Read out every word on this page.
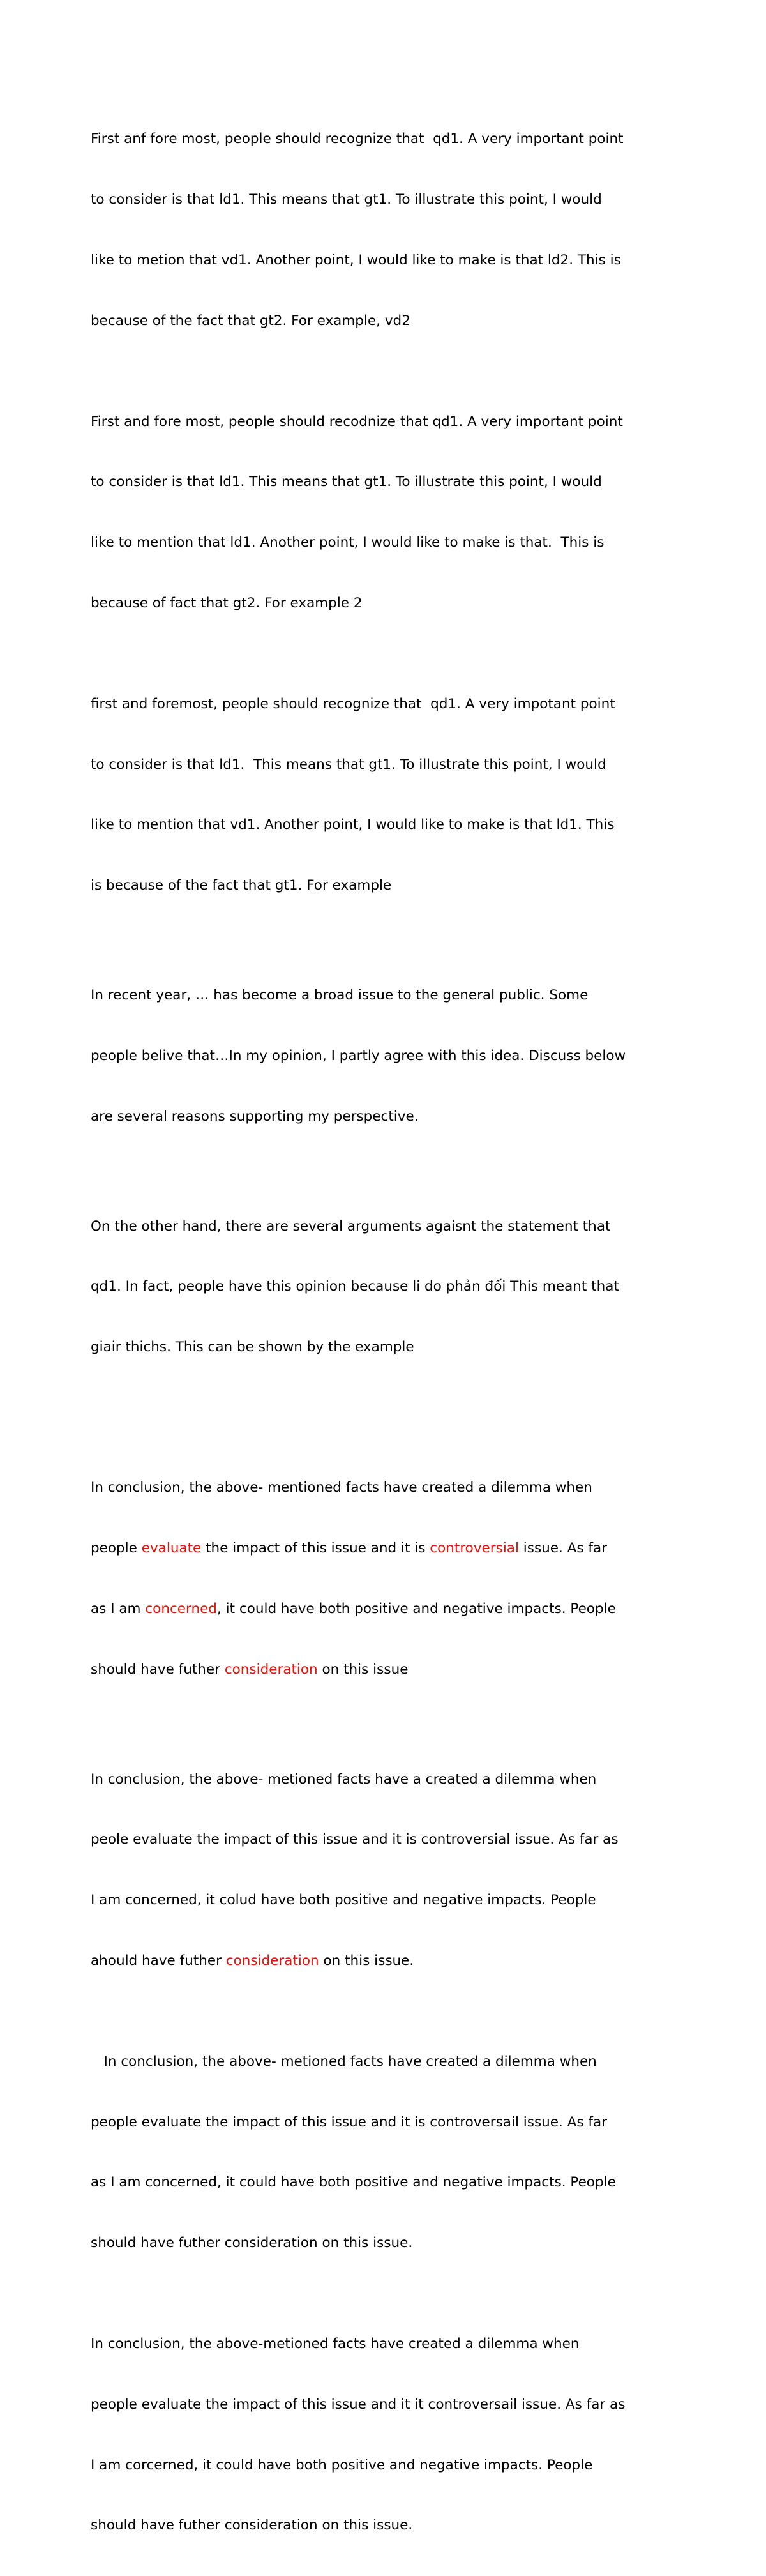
First anf fore most, people should recognize that  qd1. A very important point

to consider is that ld1. This means that gt1. To illustrate this point, I would

like to metion that vd1. Another point, I would like to make is that ld2. This is

because of the fact that gt2. For example, vd2

First and fore most, people should recodnize that qd1. A very important point

to consider is that ld1. This means that gt1. To illustrate this point, I would

like to mention that ld1. Another point, I would like to make is that.  This is

because of fact that gt2. For example 2

first and foremost, people should recognize that  qd1. A very impotant point

to consider is that ld1.  This means that gt1. To illustrate this point, I would

like to mention that vd1. Another point, I would like to make is that ld1. This

is because of the fact that gt1. For example

In recent year, … has become a broad issue to the general public. Some

people belive that…In my opinion, I partly agree with this idea. Discuss below

are several reasons supporting my perspective.

On the other hand, there are several arguments agaisnt the statement that

qd1. In fact, people have this opinion because li do phản đối This meant that

giair thichs. This can be shown by the example

In conclusion, the above- mentioned facts have created a dilemma when

people evaluate the impact of this issue and it is controversial issue. As far

as I am concerned, it could have both positive and negative impacts. People

should have futher consideration on this issue

In conclusion, the above- metioned facts have a created a dilemma when

peole evaluate the impact of this issue and it is controversial issue. As far as

I am concerned, it colud have both positive and negative impacts. People

ahould have futher consideration on this issue.

In conclusion, the above- metioned facts have created a dilemma when

people evaluate the impact of this issue and it is controversail issue. As far

as I am concerned, it could have both positive and negative impacts. People

should have futher consideration on this issue.

In conclusion, the above-metioned facts have created a dilemma when

people evaluate the impact of this issue and it it controversail issue. As far as

I am corcerned, it could have both positive and negative impacts. People

should have futher consideration on this issue.
